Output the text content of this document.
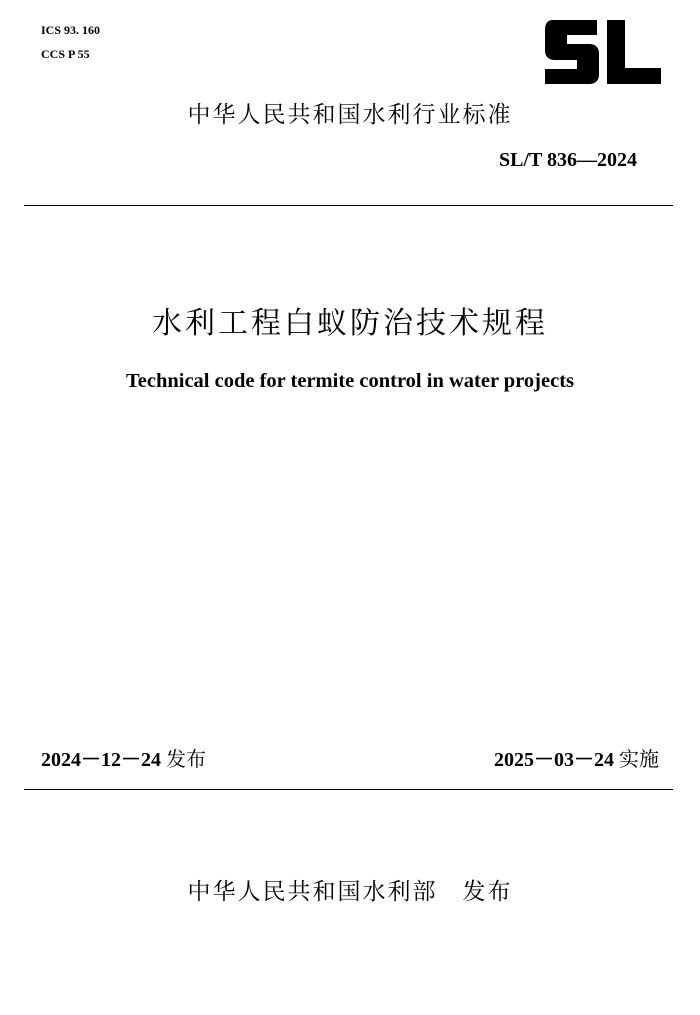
ICS 93. 160
CCS P 55
中华人民共和国水利行业标准
SL/T 836—2024
水利工程白蚁防治技术规程
Technical code for termite control in water projects
2024－12－24 发布	2025－03－24 实施
中华人民共和国水利部　发布
